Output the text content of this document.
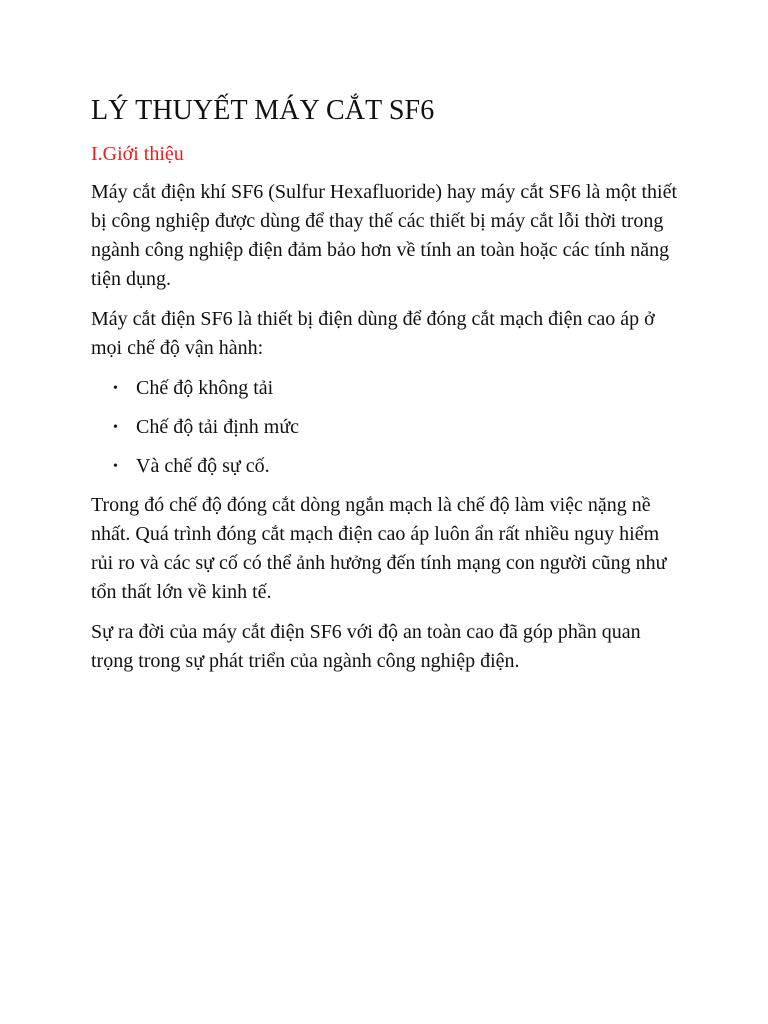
LÝ THUYẾT MÁY CẮT SF6
I.Giới thiệu

Máy cắt điện khí SF6 (Sulfur Hexafluoride) hay máy cắt SF6 là một thiết bị công nghiệp được dùng để thay thế các thiết bị máy cắt lỗi thời trong ngành công nghiệp điện đảm bảo hơn về tính an toàn hoặc các tính năng tiện dụng.

Máy cắt điện SF6 là thiết bị điện dùng để đóng cắt mạch điện cao áp ở mọi chế độ vận hành:

• Chế độ không tải
• Chế độ tải định mức
• Và chế độ sự cố.

Trong đó chế độ đóng cắt dòng ngắn mạch là chế độ làm việc nặng nề nhất. Quá trình đóng cắt mạch điện cao áp luôn ẩn rất nhiều nguy hiểm rủi ro và các sự cố có thể ảnh hưởng đến tính mạng con người cũng như tổn thất lớn về kinh tế.

Sự ra đời của máy cắt điện SF6 với độ an toàn cao đã góp phần quan trọng trong sự phát triển của ngành công nghiệp điện.
